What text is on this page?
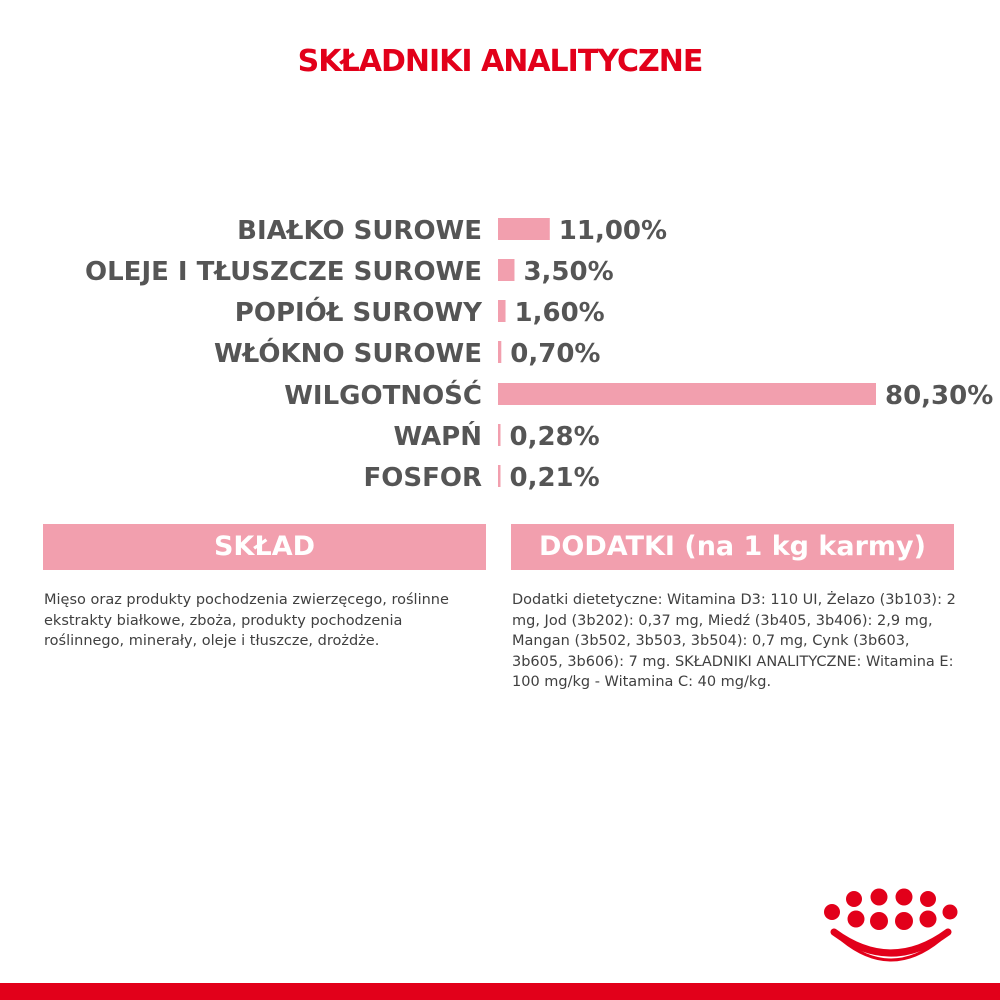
SKŁADNIKI ANALITYCZNE
BIAŁKO SUROWE	11,00%
OLEJE I TŁUSZCZE SUROWE 3,50%
POPIÓŁ SUROWY 1,60%
WŁÓKNO SUROWE 0,70%
WILGOTNOŚĆ	80,30%
WAPŃ 0,28%
FOSFOR 0,21%
SKŁAD	DODATKI (na 1 kg karmy)

Mięso oraz produkty pochodzenia zwierzęcego, roślinne ekstrakty białkowe, zboża, produkty pochodzenia roślinnego, minerały, oleje i tłuszcze, drożdże.

Dodatki dietetyczne: Witamina D3: 110 UI, Żelazo (3b103): 2 mg, Jod (3b202): 0,37 mg, Miedź (3b405, 3b406): 2,9 mg, Mangan (3b502, 3b503, 3b504): 0,7 mg, Cynk (3b603, 3b605, 3b606): 7 mg. SKŁADNIKI ANALITYCZNE: Witamina E: 100 mg/kg - Witamina C: 40 mg/kg.
